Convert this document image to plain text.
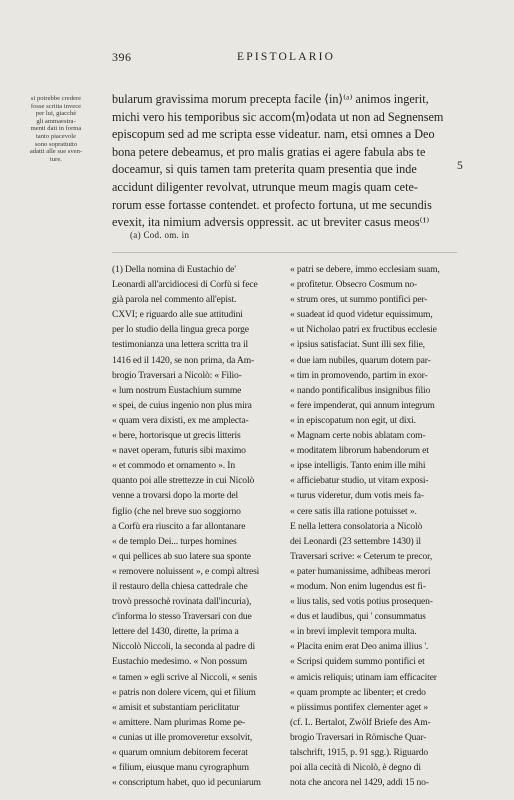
396	EPISTOLARIO
si potrebbe credere
fosse scritta invece
per lui, giacchè
gli ammaestra-
menti dati in forma
tanto piacevole
sono soprattutto
adatti alle sue sven-
ture.
bularum gravissima morum precepta facile ⟨in⟩⁽ᵃ⁾ animos ingerit,
michi vero his temporibus sic accom⟨m⟩odata ut non ad Segnensem
episcopum sed ad me scripta esse videatur. nam, etsi omnes a Deo
bona petere debeamus, et pro malis gratias ei agere fabula abs te
doceamur, si quis tamen tam preterita quam presentia que inde
accidunt diligenter revolvat, utrunque meum magis quam cete-
rorum esse fortasse contendet. et profecto fortuna, ut me secundis
evexit, ita nimium adversis oppressit. ac ut breviter casus meos⁽¹⁾
5
(a) Cod. om. in
(1) Della nomina di Eustachio de'
Leonardi all'arcidiocesi di Corfù si fece
già parola nel commento all'epist.
CXVI; e riguardo alle sue attitudini
per lo studio della lingua greca porge
testimonianza una lettera scritta tra il
1416 ed il 1420, se non prima, da Am-
brogio Traversari a Nicolò: « Filio-
« lum nostrum Eustachium summe
« spei, de cuius ingenio non plus mira
« quam vera dixisti, ex me amplecta-
« bere, hortorisque ut grecis litteris
« navet operam, futuris sibi maximo
« et commodo et ornamento ». In
quanto poi alle strettezze in cui Nicolò
venne a trovarsi dopo la morte del
figlio (che nel breve suo soggiorno
a Corfù era riuscito a far allontanare
« de templo Dei... turpes homines
« qui pellices ab suo latere sua sponte
« removere noluissent », e compì altresì
il restauro della chiesa cattedrale che
trovò pressochè rovinata dall'incuria),
c'informa lo stesso Traversari con due
lettere del 1430, dirette, la prima a
Niccolò Niccoli, la seconda al padre di
Eustachio medesimo. « Non possum
« tamen » egli scrive al Niccoli, « senis
« patris non dolere vicem, qui et filium
« amisit et substantiam periclitatur
« amittere. Nam plurimas Rome pe-
« cunias ut ille promoveretur exsolvit,
« quarum omnium debitorem fecerat
« filium, eiusque manu cyrographum
« conscriptum habet, quo id pecuniarum
« patri se debere, immo ecclesiam suam,
« profitetur. Obsecro Cosmum no-
« strum ores, ut summo pontifici per-
« suadeat id quod videtur equissimum,
« ut Nicholao patri ex fructibus ecclesie
« ipsius satisfaciat. Sunt illi sex filie,
« due iam nubiles, quarum dotem par-
« tim in promovendo, partim in exor-
« nando pontificalibus insignibus filio
« fere impenderat, qui annum integrum
« in episcopatum non egit, ut dixi.
« Magnam certe nobis ablatam com-
« moditatem librorum habendorum et
« ipse intelligis. Tanto enim ille mihi
« afficiebatur studio, ut vitam exposi-
« turus videretur, dum votis meis fa-
« cere satis illa ratione potuisset ».
E nella lettera consolatoria a Nicolò
dei Leonardi (23 settembre 1430) il
Traversari scrive: « Ceterum te precor,
« pater humanissime, adhibeas merori
« modum. Non enim lugendus est fi-
« lius talis, sed votis potius prosequen-
« dus et laudibus, qui ' consummatus
« in brevi implevit tempora multa.
« Placita enim erat Deo anima illius '.
« Scripsi quidem summo pontifici et
« amicis reliquis; utinam iam efficaciter
« quam prompte ac libenter; et credo
« piissimus pontifex clementer aget »
(cf. L. Bertalot, Zwölf Briefe des Am-
brogio Traversari in Römische Quar-
talschrift, 1915, p. 91 sgg.). Riguardo
poi alla cecità di Nicolò, è degno di
nota che ancora nel 1429, addì 15 no-
